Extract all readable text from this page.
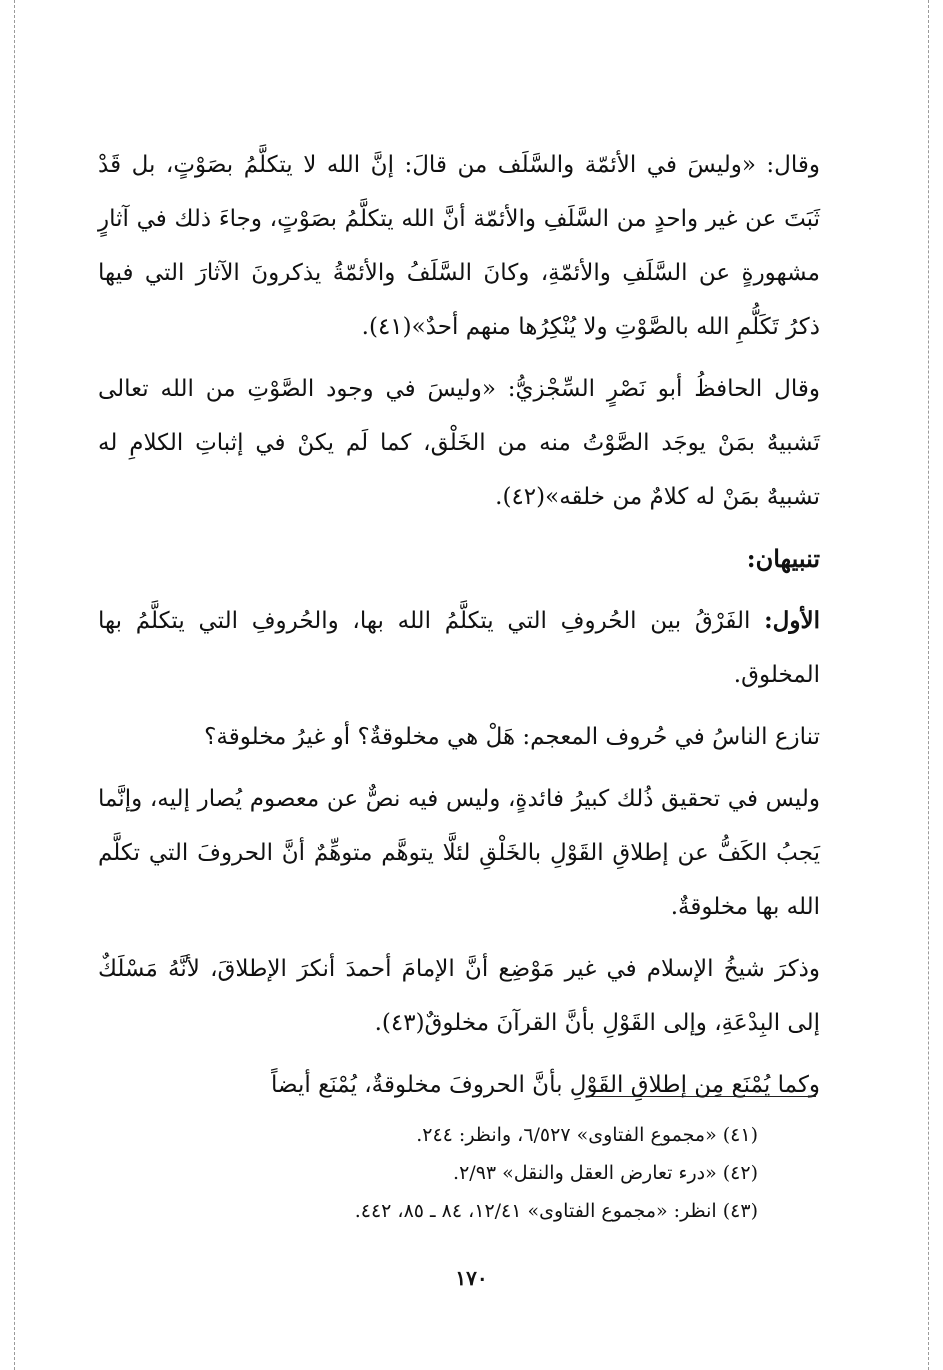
وقال: «وليسَ في الأئمّة والسَّلَف من قالَ: إنَّ الله لا يتكلَّمُ بصَوْتٍ، بل قَدْ ثَبَتَ عن غير واحدٍ من السَّلَفِ والأئمّة أنَّ الله يتكلَّمُ بصَوْتٍ، وجاءَ ذلك في آثارٍ مشهورةٍ عن السَّلَفِ والأئمّةِ، وكانَ السَّلَفُ والأئمّةُ يذكرونَ الآثارَ التي فيها ذكرُ تَكَلُّمِ الله بالصَّوْتِ ولا يُنْكِرُها منهم أحدٌ»(٤١).

وقال الحافظُ أبو نَصْرٍ السِّجْزيُّ: «وليسَ في وجود الصَّوْتِ من الله تعالى تَشبيهٌ بمَنْ يوجَد الصَّوْتُ منه من الخَلْق، كما لَم يكنْ في إثباتِ الكلامِ له تشبيهٌ بمَنْ له كلامٌ من خلقه»(٤٢).

تنبيهان:

الأول: الفَرْقُ بين الحُروفِ التي يتكلَّمُ الله بها، والحُروفِ التي يتكلَّمُ بها المخلوق.

تنازع الناسُ في حُروف المعجم: هَلْ هي مخلوقةٌ؟ أو غيرُ مخلوقة؟

وليس في تحقيق ذُلك كبيرُ فائدةٍ، وليس فيه نصٌّ عن معصوم يُصار إليه، وإنَّما يَجبُ الكَفُّ عن إطلاقِ القَوْلِ بالخَلْقِ لئلَّا يتوهَّم متوهِّمٌ أنَّ الحروفَ التي تكلَّم الله بها مخلوقةٌ.

وذكرَ شيخُ الإسلام في غير مَوْضِع أنَّ الإمامَ أحمدَ أنكرَ الإطلاقَ، لأنَّهُ مَسْلَكٌ إلى البِدْعَةِ، وإلى القَوْلِ بأنَّ القرآنَ مخلوقٌ(٤٣).

وكما يُمْنَع مِن إطلاقِ القَوْلِ بأنَّ الحروفَ مخلوقةٌ، يُمْنَع أيضاً

(٤١) «مجموع الفتاوى» ٦/٥٢٧، وانظر: ٢٤٤.

(٤٢) «درء تعارض العقل والنقل» ٢/٩٣.

(٤٣) انظر: «مجموع الفتاوى» ١٢/٤١، ٨٤ ـ ٨٥، ٤٤٢.

١٧٠
